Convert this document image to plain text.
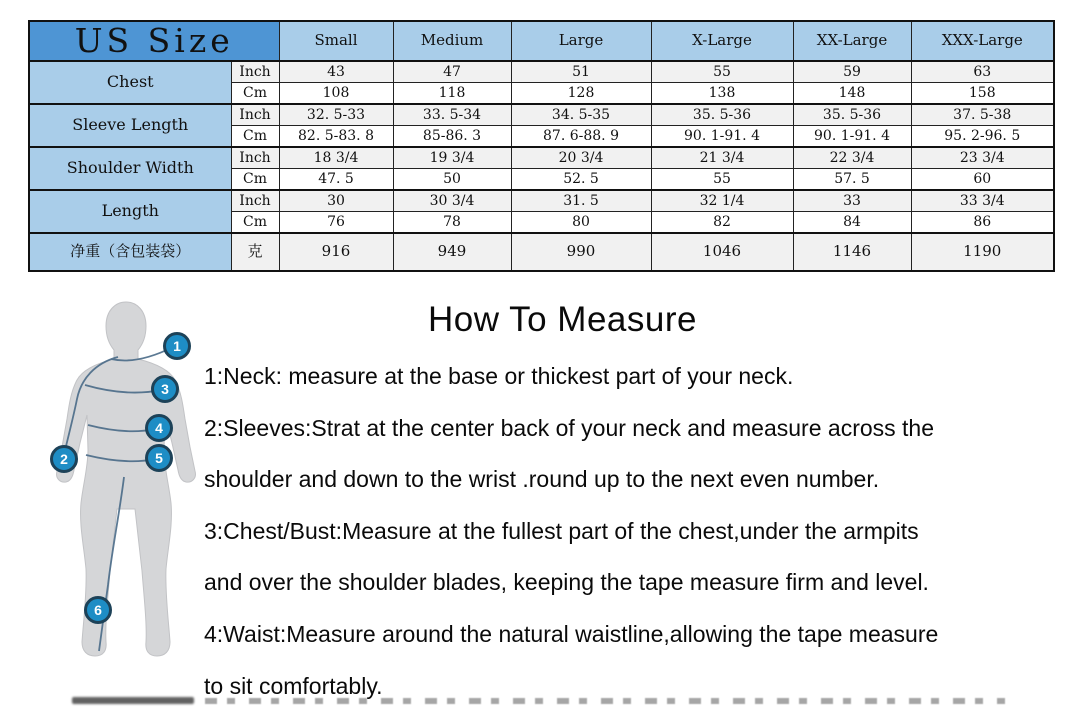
US Size		Small	Medium	Large	X-Large	XX-Large	XXX-Large
Chest	Inch	43	47	51	55	59	63
	Cm	108	118	128	138	148	158
Sleeve Length	Inch	32. 5-33	33. 5-34	34. 5-35	35. 5-36	35. 5-36	37. 5-38
	Cm	82. 5-83. 8	85-86. 3	87. 6-88. 9	90. 1-91. 4	90. 1-91. 4	95. 2-96. 5
Shoulder Width	Inch	18 3/4	19 3/4	20 3/4	21 3/4	22 3/4	23 3/4
	Cm	47. 5	50	52. 5	55	57. 5	60
Length	Inch	30	30 3/4	31. 5	32 1/4	33	33 3/4
	Cm	76	78	80	82	84	86
净重（含包装袋）	克	916	949	990	1046	1146	1190
1
2
3
4
5
6
How To Measure

1:Neck: measure at the base or thickest part of your neck.

2:Sleeves:Strat at the center back of your neck and measure across the

shoulder and down to the wrist .round up to the next even number.

3:Chest/Bust:Measure at the fullest part of the chest,under the armpits

and over the shoulder blades, keeping the tape measure firm and level.

4:Waist:Measure around the natural waistline,allowing the tape measure

to sit comfortably.
